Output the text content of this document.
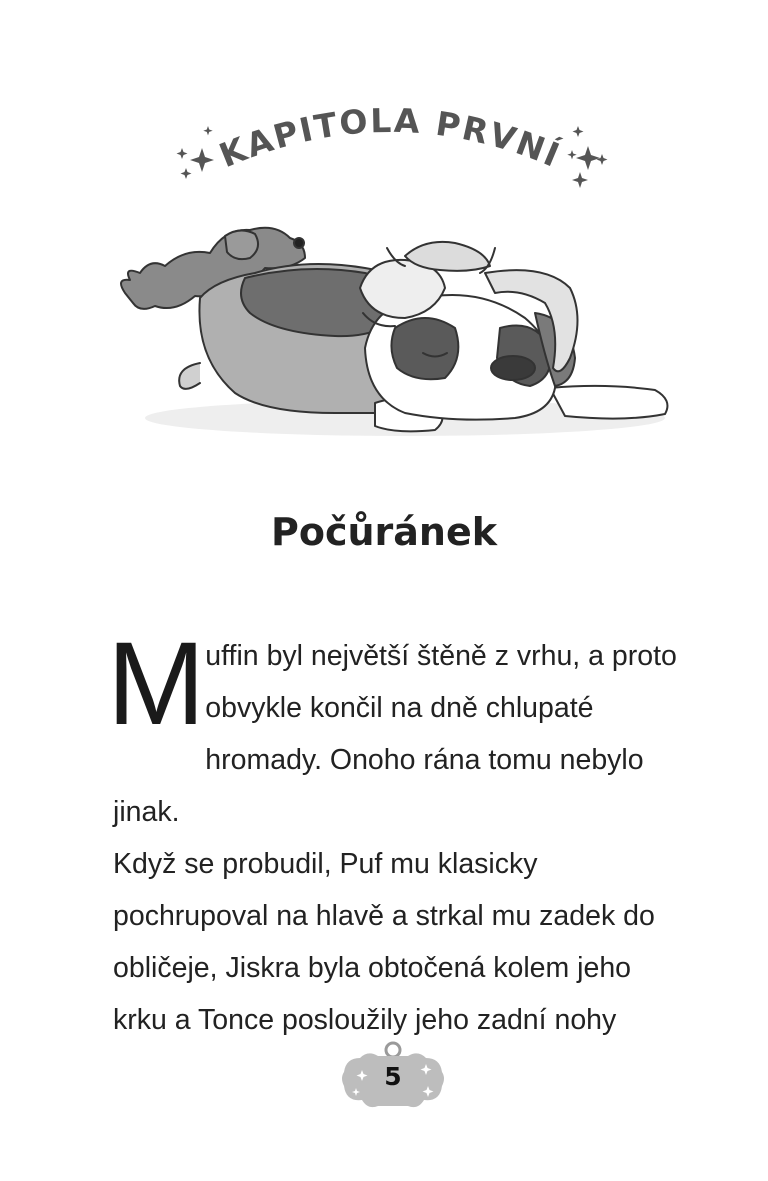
KAPITOLA PRVNÍ
Počůránek
M uffin byl největší štěně z vrhu, a proto
obvykle končil na dně chlupaté
hromady. Onoho rána tomu nebylo jinak.
Když se probudil, Puf mu klasicky
pochrupoval na hlavě a strkal mu zadek do
obličeje, Jiskra byla obtočená kolem jeho
krku a Tonce posloužily jeho zadní nohy
5
